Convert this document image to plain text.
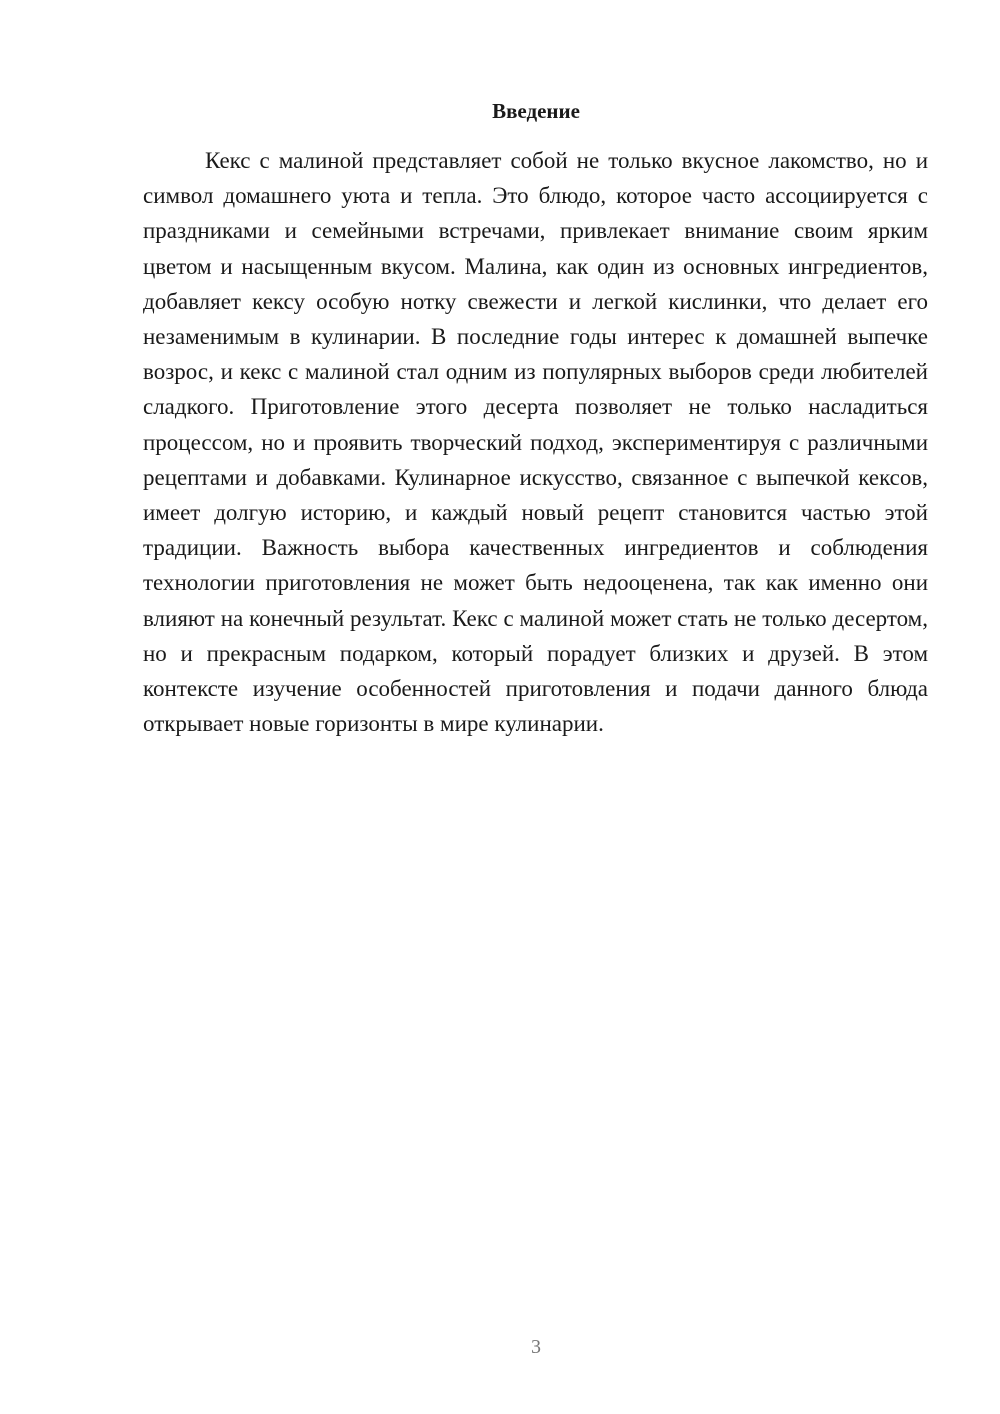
Введение

Кекс с малиной представляет собой не только вкусное лакомство, но и символ домашнего уюта и тепла. Это блюдо, которое часто ассоциируется с праздниками и семейными встречами, привлекает внимание своим ярким цветом и насыщенным вкусом. Малина, как один из основных ингредиентов, добавляет кексу особую нотку свежести и легкой кислинки, что делает его незаменимым в кулинарии. В последние годы интерес к домашней выпечке возрос, и кекс с малиной стал одним из популярных выборов среди любителей сладкого. Приготовление этого десерта позволяет не только насладиться процессом, но и проявить творческий подход, экспериментируя с различными рецептами и добавками. Кулинарное искусство, связанное с выпечкой кексов, имеет долгую историю, и каждый новый рецепт становится частью этой традиции. Важность выбора качественных ингредиентов и соблюдения технологии приготовления не может быть недооценена, так как именно они влияют на конечный результат. Кекс с малиной может стать не только десертом, но и прекрасным подарком, который порадует близких и друзей. В этом контексте изучение особенностей приготовления и подачи данного блюда открывает новые горизонты в мире кулинарии.

3
